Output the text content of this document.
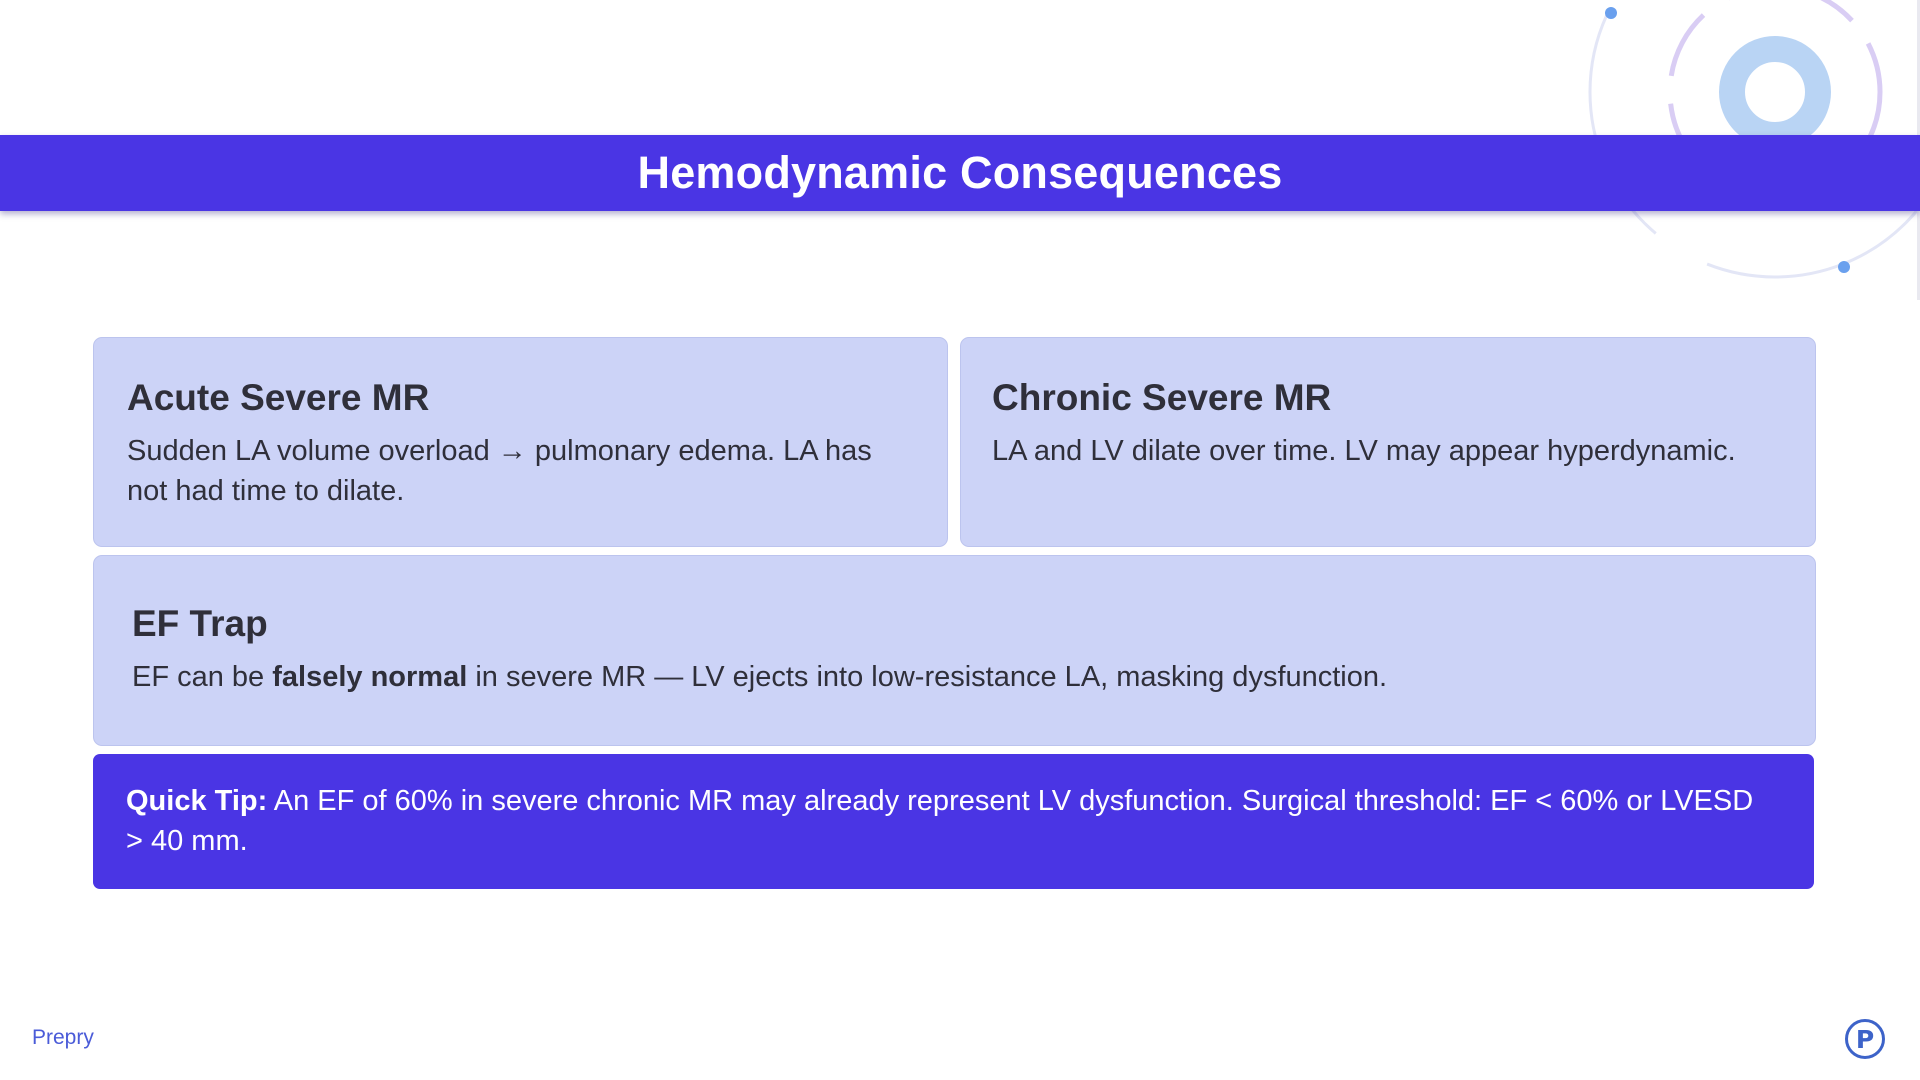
Hemodynamic Consequences
Acute Severe MR

Sudden LA volume overload → pulmonary edema. LA has not had time to dilate.

Chronic Severe MR

LA and LV dilate over time. LV may appear hyperdynamic.

EF Trap

EF can be falsely normal in severe MR — LV ejects into low-resistance LA, masking dysfunction.

Quick Tip: An EF of 60% in severe chronic MR may already represent LV dysfunction. Surgical threshold: EF < 60% or LVESD > 40 mm.
Prepry	P
